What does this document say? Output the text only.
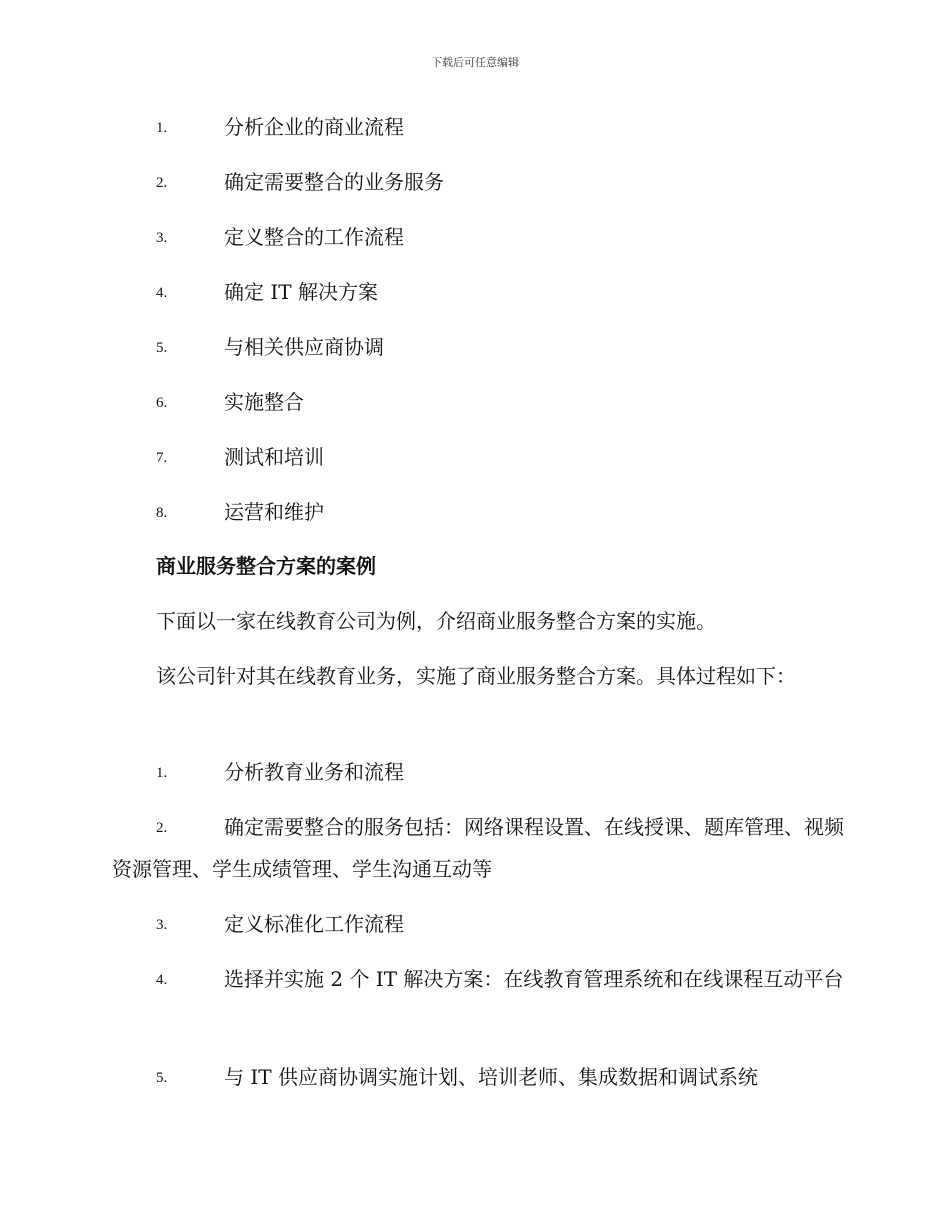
下载后可任意编辑
1.	分析企业的商业流程
2.	确定需要整合的业务服务
3.	定义整合的工作流程
4.	确定 IT 解决方案
5.	与相关供应商协调
6.	实施整合
7.	测试和培训
8.	运营和维护
商业服务整合方案的案例
下面以一家在线教育公司为例，介绍商业服务整合方案的实施。
该公司针对其在线教育业务，实施了商业服务整合方案。具体过程如下：
1.	分析教育业务和流程
2.	确定需要整合的服务包括：网络课程设置、在线授课、题库管理、视频资源管理、学生成绩管理、学生沟通互动等
3.	定义标准化工作流程
4.	选择并实施 2 个 IT 解决方案：在线教育管理系统和在线课程互动平台
5.	与 IT 供应商协调实施计划、培训老师、集成数据和调试系统
